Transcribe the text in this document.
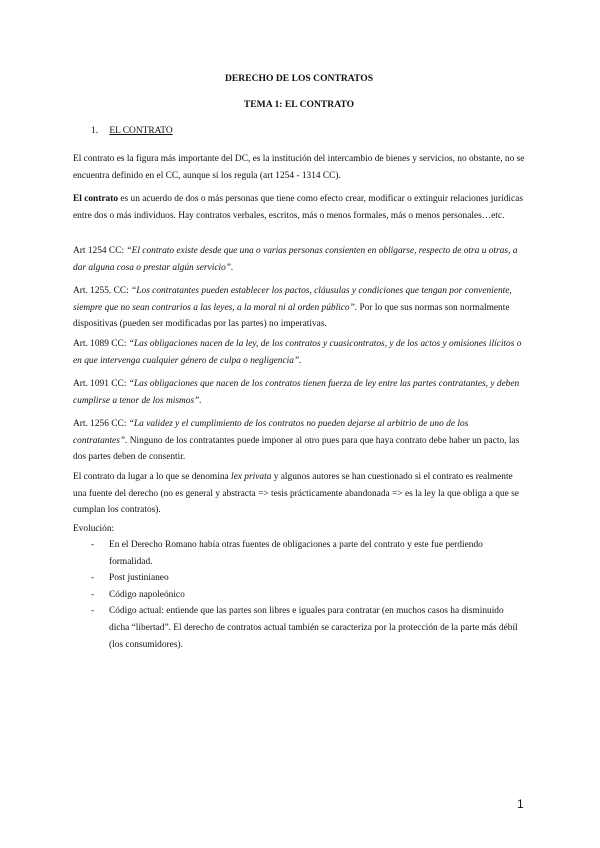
DERECHO DE LOS CONTRATOS
TEMA 1: EL CONTRATO
1. EL CONTRATO

El contrato es la figura más importante del DC, es la institución del intercambio de bienes y servicios, no obstante, no se encuentra definido en el CC, aunque sí los regula (art 1254 - 1314 CC).

El contrato es un acuerdo de dos o más personas que tiene como efecto crear, modificar o extinguir relaciones jurídicas entre dos o más individuos. Hay contratos verbales, escritos, más o menos formales, más o menos personales…etc.

Art 1254 CC: “El contrato existe desde que una o varias personas consienten en obligarse, respecto de otra u otras, a dar alguna cosa o prestar algún servicio”.

Art. 1255. CC: “Los contratantes pueden establecer los pactos, cláusulas y condiciones que tengan por conveniente, siempre que no sean contrarios a las leyes, a la moral ni al orden público”. Por lo que sus normas son normalmente dispositivas (pueden ser modificadas por las partes) no imperativas.

Art. 1089 CC: “Las obligaciones nacen de la ley, de los contratos y cuasicontratos, y de los actos y omisiones ilícitos o en que intervenga cualquier género de culpa o negligencia”.

Art. 1091 CC: “Las obligaciones que nacen de los contratos tienen fuerza de ley entre las partes contratantes, y deben cumplirse a tenor de los mismos”.

Art. 1256 CC: “La validez y el cumplimiento de los contratos no pueden dejarse al arbitrio de uno de los contratantes”. Ninguno de los contratantes puede imponer al otro pues para que haya contrato debe haber un pacto, las dos partes deben de consentir.

El contrato da lugar a lo que se denomina lex privata y algunos autores se han cuestionado si el contrato es realmente una fuente del derecho (no es general y abstracta => tesis prácticamente abandonada => es la ley la que obliga a que se cumplan los contratos).

Evolución:

- En el Derecho Romano había otras fuentes de obligaciones a parte del contrato y este fue perdiendo formalidad.
- Post justinianeo
- Código napoleónico
- Código actual: entiende que las partes son libres e iguales para contratar (en muchos casos ha disminuido dicha “libertad”. El derecho de contratos actual también se caracteriza por la protección de la parte más débil (los consumidores).
1
